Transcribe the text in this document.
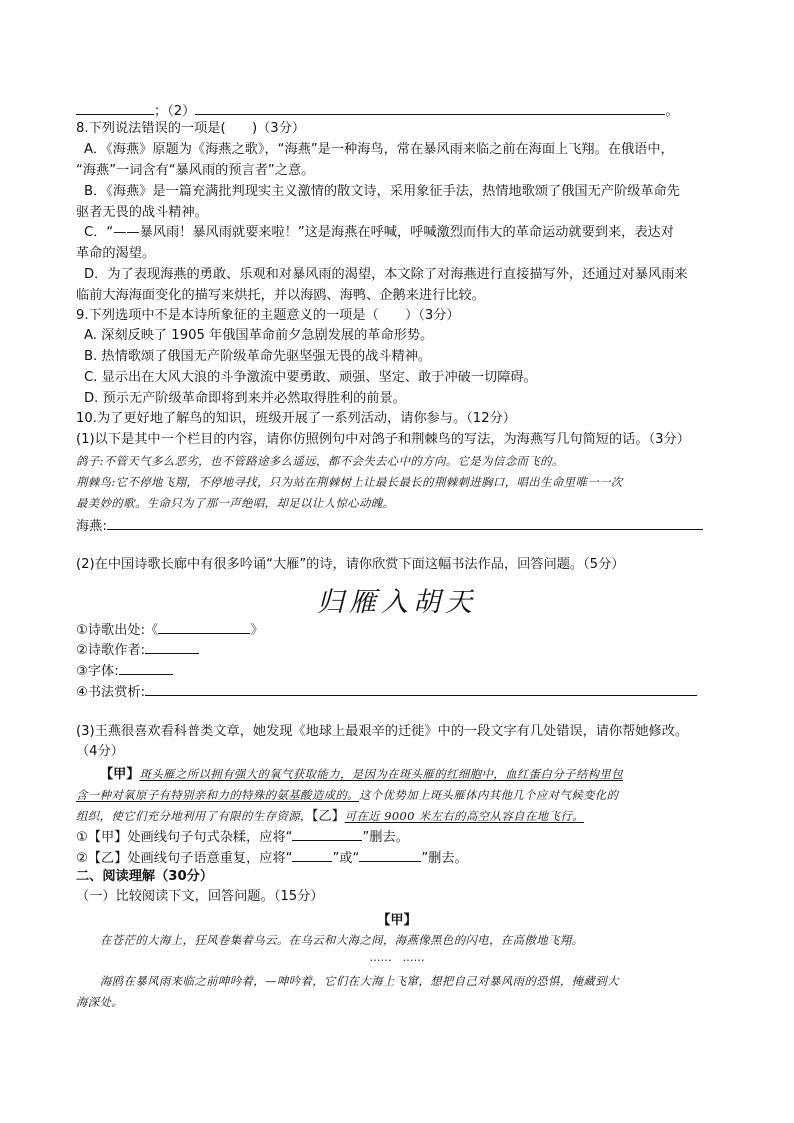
；（2）	。
8.下列说法错误的一项是(　　)（3分）
A．《海燕》原题为《海燕之歌》，“海燕”是一种海鸟，常在暴风雨来临之前在海面上飞翔。在俄语中，
“海燕”一词含有“暴风雨的预言者”之意。
B．《海燕》是一篇充满批判现实主义激情的散文诗，采用象征手法，热情地歌颂了俄国无产阶级革命先
驱者无畏的战斗精神。
C．“——暴风雨！暴风雨就要来啦！”这是海燕在呼喊，呼喊激烈而伟大的革命运动就要到来，表达对
革命的渴望。
D．为了表现海燕的勇敢、乐观和对暴风雨的渴望，本文除了对海燕进行直接描写外，还通过对暴风雨来
临前大海海面变化的描写来烘托，并以海鸥、海鸭、企鹅来进行比较。
9.下列选项中不是本诗所象征的主题意义的一项是（　　）（3分）
A. 深刻反映了 1905 年俄国革命前夕急剧发展的革命形势。
B. 热情歌颂了俄国无产阶级革命先驱坚强无畏的战斗精神。
C. 显示出在大风大浪的斗争激流中要勇敢、顽强、坚定、敢于冲破一切障碍。
D. 预示无产阶级革命即将到来并必然取得胜利的前景。
10.为了更好地了解鸟的知识，班级开展了一系列活动，请你参与。（12分）
(1)以下是其中一个栏目的内容，请你仿照例句中对鸽子和荆棘鸟的写法，为海燕写几句简短的话。（3分）
鸽子:不管天气多么恶劣，也不管路途多么遥远，都不会失去心中的方向。它是为信念而飞的。
荆棘鸟:它不停地飞翔，不停地寻找，只为站在荆棘树上让最长最长的荆棘刺进胸口，唱出生命里唯一一次
最美妙的歌。生命只为了那一声绝唱，却足以让人惊心动魄。
海燕:
(2)在中国诗歌长廊中有很多吟诵“大雁”的诗，请你欣赏下面这幅书法作品，回答问题。（5分）
归雁入胡天
①诗歌出处:《	》
②诗歌作者:
③字体:
④书法赏析:
(3)王燕很喜欢看科普类文章，她发现《地球上最艰辛的迁徙》中的一段文字有几处错误，请你帮她修改。
（4分）
【甲】斑头雁之所以拥有强大的氧气获取能力，是因为在斑头雁的红细胞中，血红蛋白分子结构里包
含一种对氧原子有特别亲和力的特殊的氨基酸造成的。这个优势加上斑头雁体内其他几个应对气候变化的
组织，使它们充分地利用了有限的生存资源，【乙】可在近 9000 米左右的高空从容自在地飞行。
①【甲】处画线句子句式杂糅，应将“	”删去。
②【乙】处画线句子语意重复，应将“	”或“	”删去。
二、阅读理解（30分）
（一）比较阅读下文，回答问题。（15分）
【甲】
在苍茫的大海上，狂风卷集着乌云。在乌云和大海之间，海燕像黑色的闪电，在高傲地飞翔。
……　……
海鸥在暴风雨来临之前呻吟着，—呻吟着，它们在大海上飞窜，想把自己对暴风雨的恐惧，掩藏到大
海深处。
